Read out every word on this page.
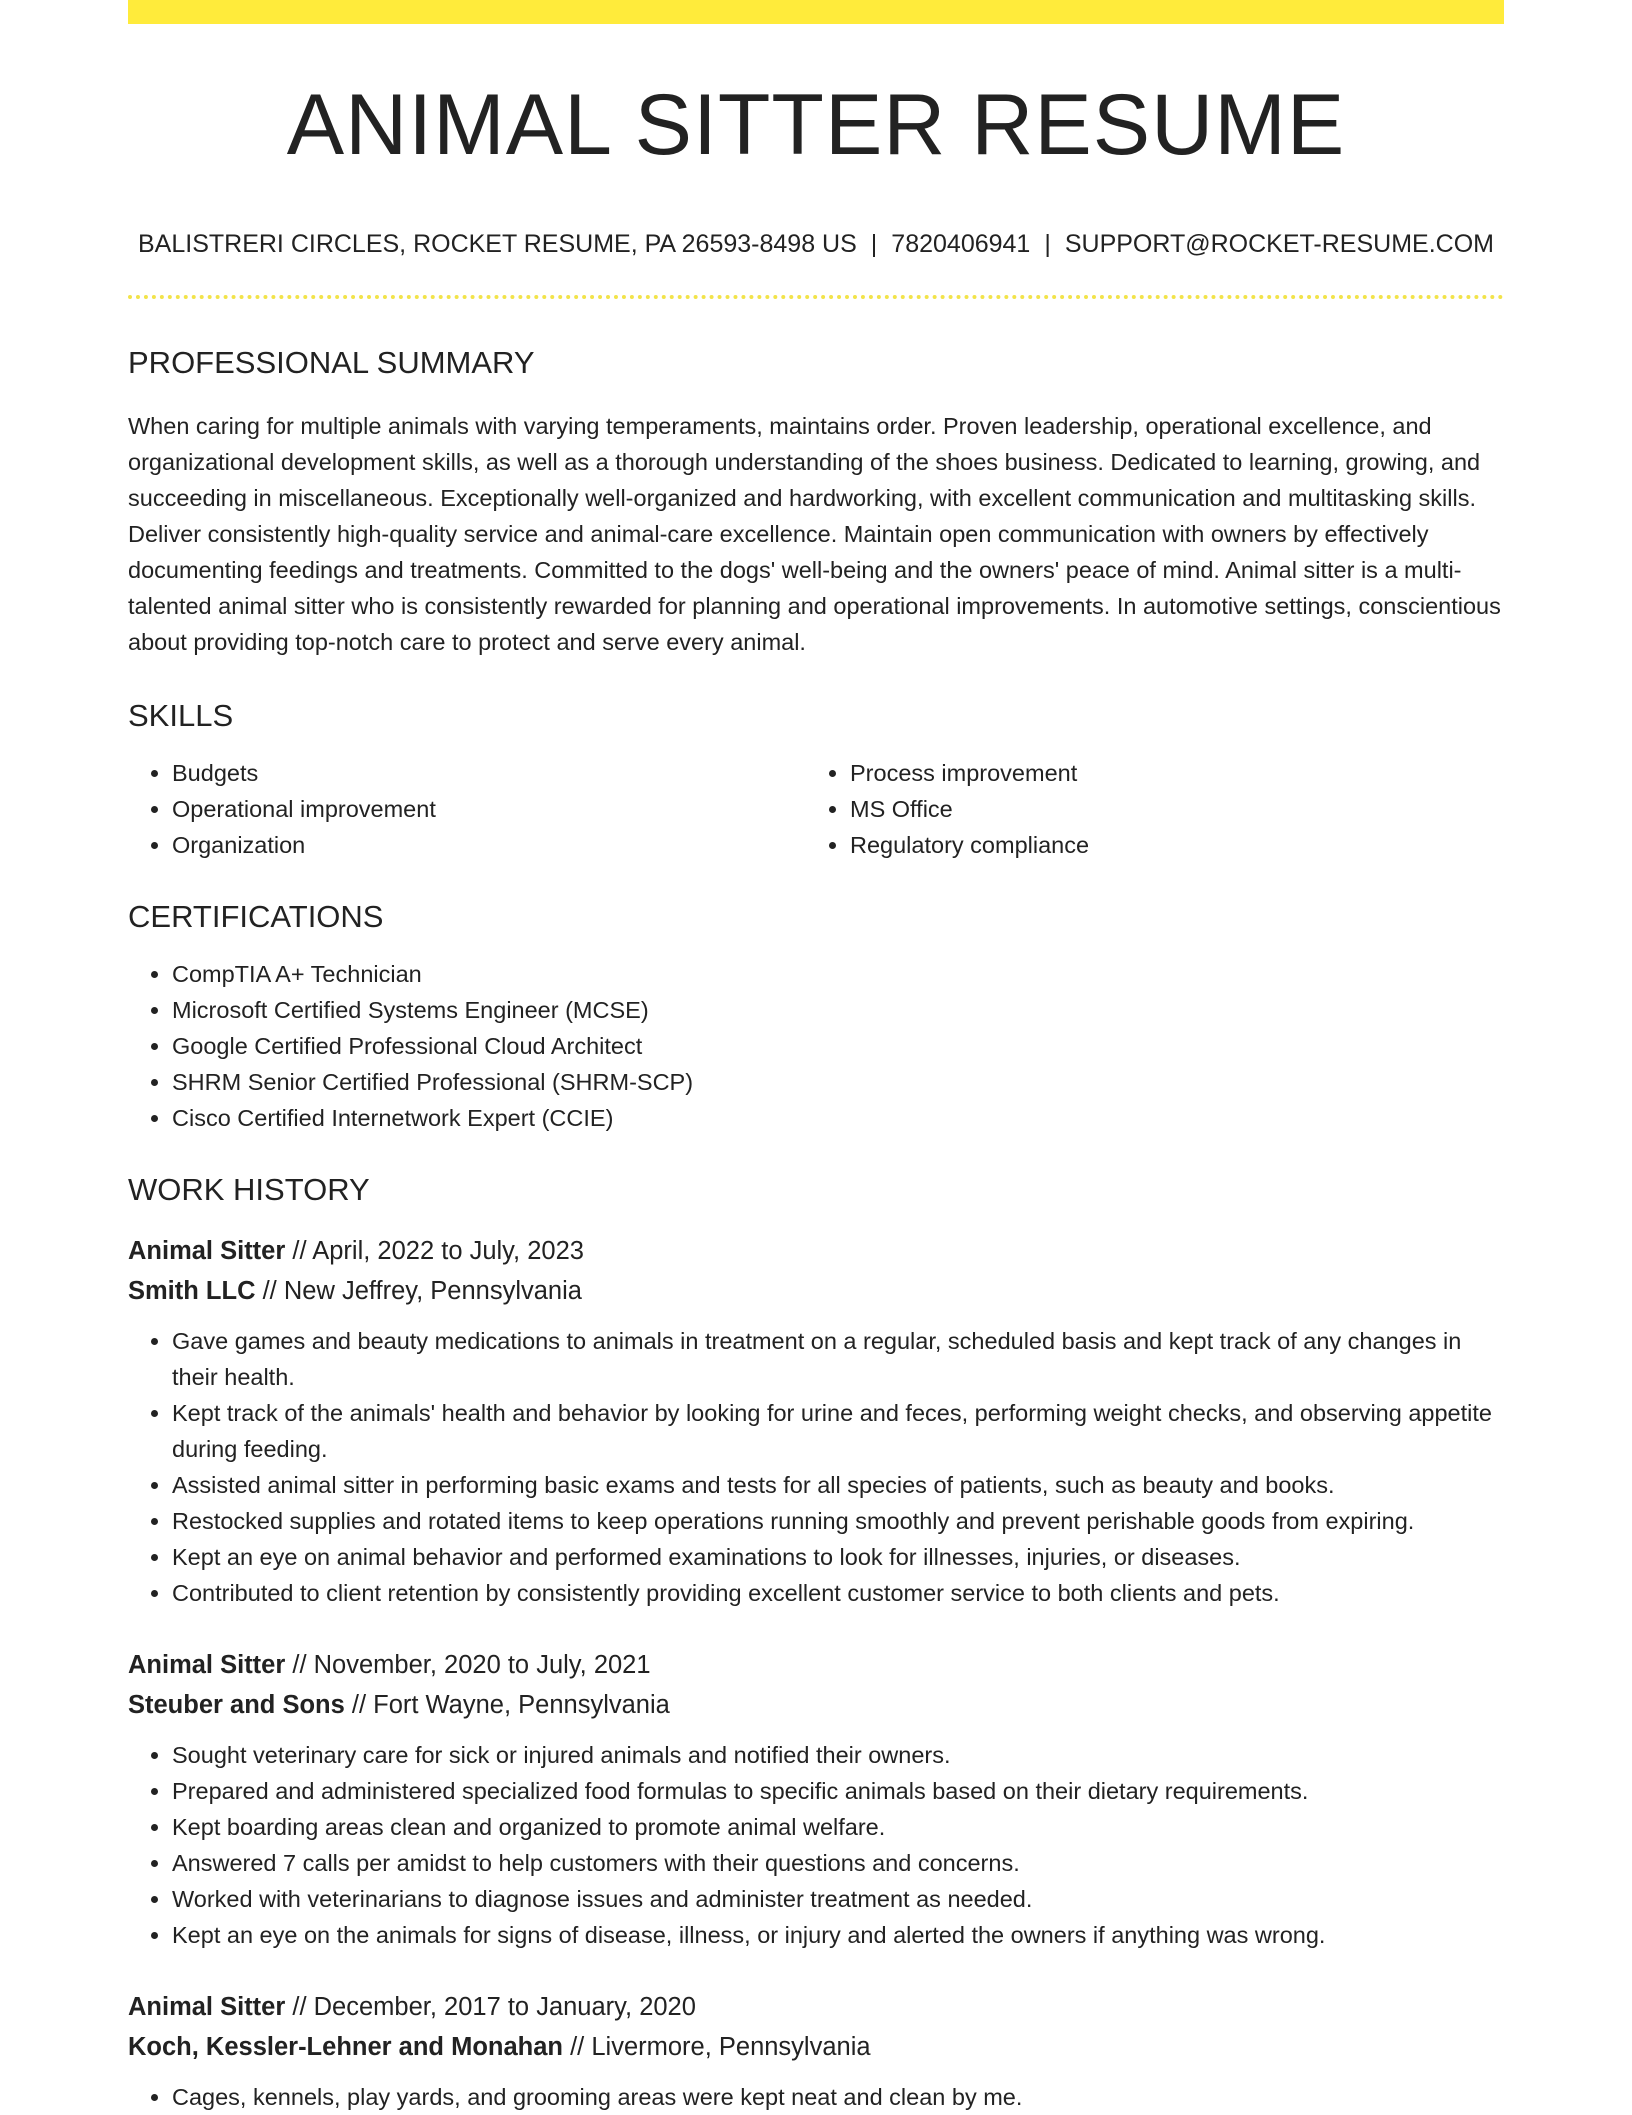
ANIMAL SITTER RESUME
BALISTRERI CIRCLES, ROCKET RESUME, PA 26593-8498 US | 7820406941 | SUPPORT@ROCKET-RESUME.COM
PROFESSIONAL SUMMARY

When caring for multiple animals with varying temperaments, maintains order. Proven leadership, operational excellence, and organizational development skills, as well as a thorough understanding of the shoes business. Dedicated to learning, growing, and succeeding in miscellaneous. Exceptionally well-organized and hardworking, with excellent communication and multitasking skills. Deliver consistently high-quality service and animal-care excellence. Maintain open communication with owners by effectively documenting feedings and treatments. Committed to the dogs' well-being and the owners' peace of mind. Animal sitter is a multi-talented animal sitter who is consistently rewarded for planning and operational improvements. In automotive settings, conscientious about providing top-notch care to protect and serve every animal.

SKILLS
• Budgets
• Operational improvement
• Organization
• Process improvement
• MS Office
• Regulatory compliance
CERTIFICATIONS
• CompTIA A+ Technician
• Microsoft Certified Systems Engineer (MCSE)
• Google Certified Professional Cloud Architect
• SHRM Senior Certified Professional (SHRM-SCP)
• Cisco Certified Internetwork Expert (CCIE)
WORK HISTORY
Animal Sitter // April, 2022 to July, 2023
Smith LLC // New Jeffrey, Pennsylvania
• Gave games and beauty medications to animals in treatment on a regular, scheduled basis and kept track of any changes in their health.
• Kept track of the animals' health and behavior by looking for urine and feces, performing weight checks, and observing appetite during feeding.
• Assisted animal sitter in performing basic exams and tests for all species of patients, such as beauty and books.
• Restocked supplies and rotated items to keep operations running smoothly and prevent perishable goods from expiring.
• Kept an eye on animal behavior and performed examinations to look for illnesses, injuries, or diseases.
• Contributed to client retention by consistently providing excellent customer service to both clients and pets.
Animal Sitter // November, 2020 to July, 2021
Steuber and Sons // Fort Wayne, Pennsylvania
• Sought veterinary care for sick or injured animals and notified their owners.
• Prepared and administered specialized food formulas to specific animals based on their dietary requirements.
• Kept boarding areas clean and organized to promote animal welfare.
• Answered 7 calls per amidst to help customers with their questions and concerns.
• Worked with veterinarians to diagnose issues and administer treatment as needed.
• Kept an eye on the animals for signs of disease, illness, or injury and alerted the owners if anything was wrong.
Animal Sitter // December, 2017 to January, 2020
Koch, Kessler-Lehner and Monahan // Livermore, Pennsylvania
• Cages, kennels, play yards, and grooming areas were kept neat and clean by me.
